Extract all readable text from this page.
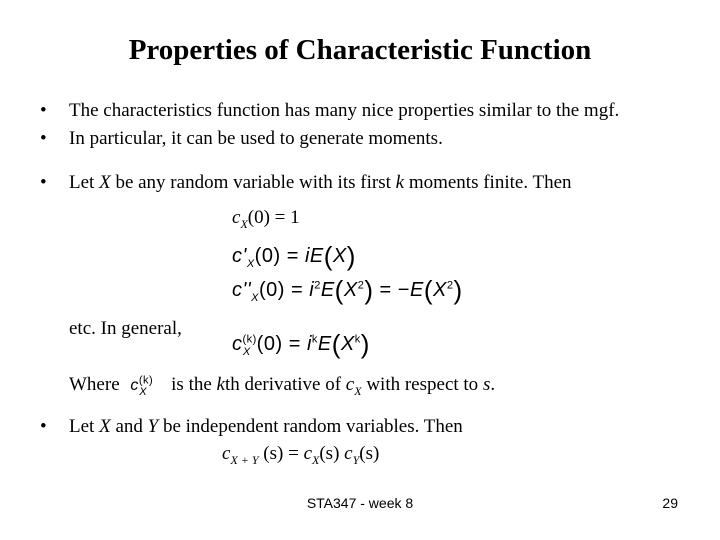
Properties of Characteristic Function
• The characteristics function has many nice properties similar to the mgf.
• In particular, it can be used to generate moments.
• Let X be any random variable with its first k moments finite. Then
$c_X(0) = 1$
$c'_X(0) = iE(X)$
$c''_X(0) = i^2E(X^2) = -E(X^2)$
etc. In general,
$c^{(k)}_X$ $(0) = i^kE(X^k)$
Where $c^{(k)}_X$ is the kth derivative of $c_X$ with respect to s.
• Let X and Y be independent random variables. Then
$c_{X + Y}$ $(s) = c_X(s)$ $c_Y(s)$
STA347 - week 8	29
